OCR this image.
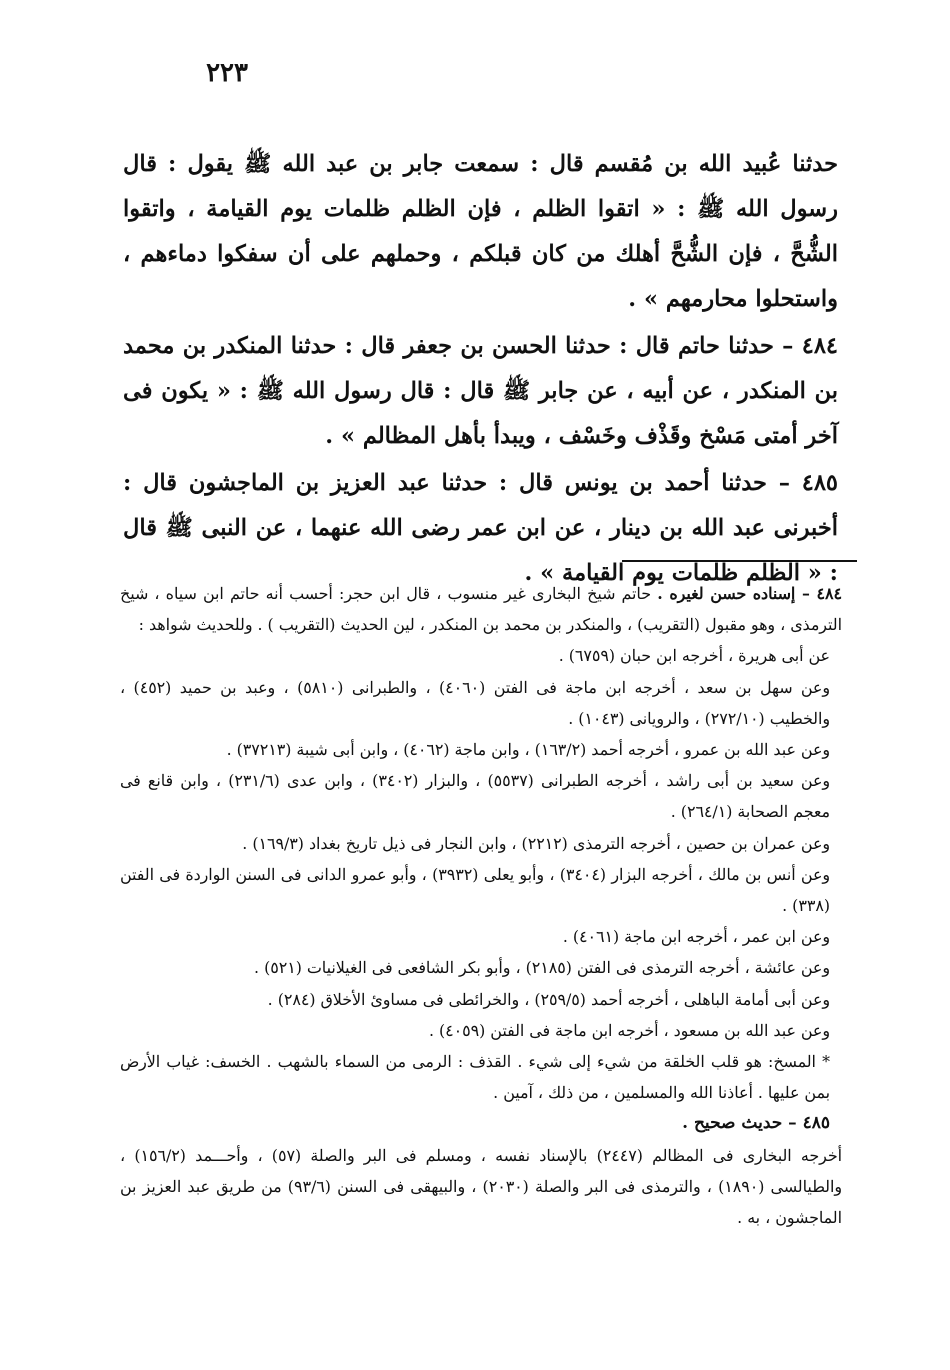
٢٢٣

حدثنا عُبيد الله بن مُقسم قال : سمعت جابر بن عبد الله ﷺ يقول : قال رسول الله ﷺ : « اتقوا الظلم ، فإن الظلم ظلمات يوم القيامة ، واتقوا الشُّحَّ ، فإن الشُّحَّ أهلك من كان قبلكم ، وحملهم على أن سفكوا دماءهم ، واستحلوا محارمهم » .

٤٨٤ – حدثنا حاتم قال : حدثنا الحسن بن جعفر قال : حدثنا المنكدر بن محمد بن المنكدر ، عن أبيه ، عن جابر ﷺ قال : قال رسول الله ﷺ : « يكون فى آخر أمتى مَسْخ وقَذْف وخَسْف ، ويبدأ بأهل المظالم » .

٤٨٥ – حدثنا أحمد بن يونس قال : حدثنا عبد العزيز بن الماجشون قال : أخبرنى عبد الله بن دينار ، عن ابن عمر رضى الله عنهما ، عن النبى ﷺ قال : « الظلم ظلمات يوم القيامة » .

٤٨٤ – إسناده حسن لغيره . حاتم شيخ البخارى غير منسوب ، قال ابن حجر: أحسب أنه حاتم ابن سياه ، شيخ الترمذى ، وهو مقبول (التقريب) ، والمنكدر بن محمد بن المنكدر ، لين الحديث (التقريب ) . وللحديث شواهد :

عن أبى هريرة ، أخرجه ابن حبان (٦٧٥٩) .

وعن سهل بن سعد ، أخرجه ابن ماجة فى الفتن (٤٠٦٠) ، والطبرانى (٥٨١٠) ، وعبد بن حميد (٤٥٢) ، والخطيب (٢٧٢/١٠) ، والرويانى (١٠٤٣) .

وعن عبد الله بن عمرو ، أخرجه أحمد (١٦٣/٢) ، وابن ماجة (٤٠٦٢) ، وابن أبى شيبة (٣٧٢١٣) .

وعن سعيد بن أبى راشد ، أخرجه الطبرانى (٥٥٣٧) ، والبزار (٣٤٠٢) ، وابن عدى (٢٣١/٦) ، وابن قانع فى معجم الصحابة (٢٦٤/١) .

وعن عمران بن حصين ، أخرجه الترمذى (٢٢١٢) ، وابن النجار فى ذيل تاريخ بغداد (١٦٩/٣) .

وعن أنس بن مالك ، أخرجه البزار (٣٤٠٤) ، وأبو يعلى (٣٩٣٢) ، وأبو عمرو الدانى فى السنن الواردة فى الفتن (٣٣٨) .

وعن ابن عمر ، أخرجه ابن ماجة (٤٠٦١) .

وعن عائشة ، أخرجه الترمذى فى الفتن (٢١٨٥) ، وأبو بكر الشافعى فى الغيلانيات (٥٢١) .

وعن أبى أمامة الباهلى ، أخرجه أحمد (٢٥٩/٥) ، والخرائطى فى مساوئ الأخلاق (٢٨٤) .

وعن عبد الله بن مسعود ، أخرجه ابن ماجة فى الفتن (٤٠٥٩) .

* المسخ: هو قلب الخلقة من شيء إلى شيء . القذف : الرمى من السماء بالشهب . الخسف: غياب الأرض بمن عليها . أعاذنا الله والمسلمين ، من ذلك ، آمين .

٤٨٥ – حديث صحيح .

أخرجه البخارى فى المظالم (٢٤٤٧) بالإسناد نفسه ، ومسلم فى البر والصلة (٥٧) ، وأحـــمد (١٥٦/٢) ، والطيالسى (١٨٩٠) ، والترمذى فى البر والصلة (٢٠٣٠) ، والبيهقى فى السنن (٩٣/٦) من طريق عبد العزيز بن الماجشون ، به .
